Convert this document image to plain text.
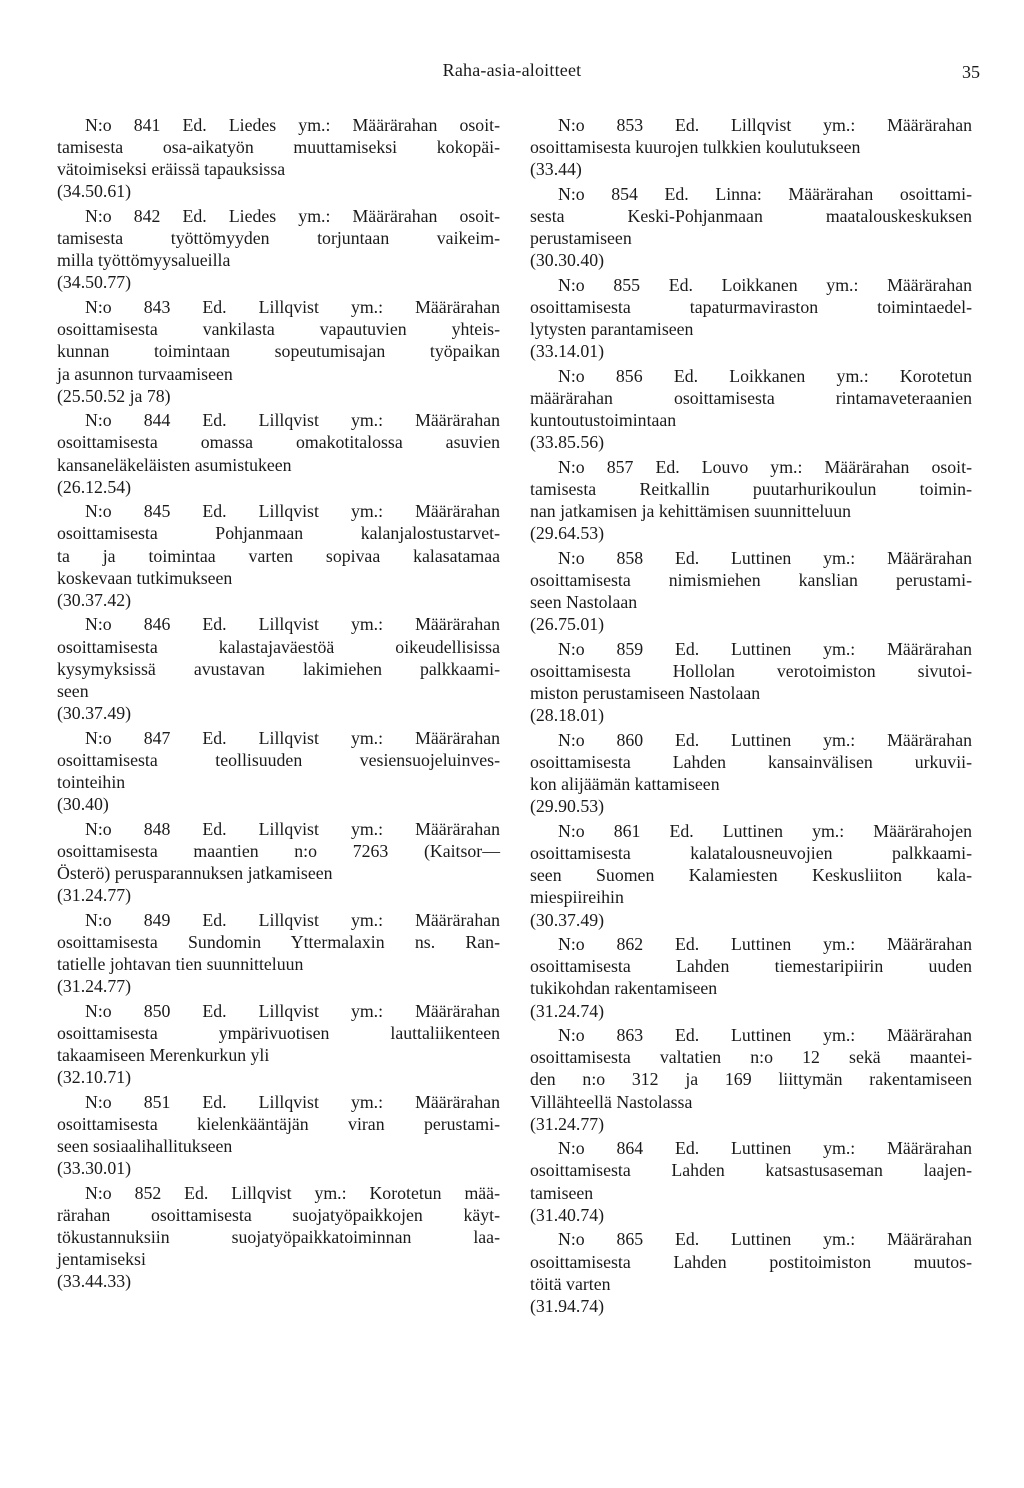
Raha-asia-aloitteet	35
N:o 841 Ed. Liedes ym.: Määrärahan osoit-
tamisesta osa-aikatyön muuttamiseksi kokopäi-
vätoimiseksi eräissä tapauksissa
(34.50.61)
N:o 842 Ed. Liedes ym.: Määrärahan osoit-
tamisesta työttömyyden torjuntaan vaikeim-
milla työttömyysalueilla
(34.50.77)
N:o 843 Ed. Lillqvist ym.: Määrärahan
osoittamisesta vankilasta vapautuvien yhteis-
kunnan toimintaan sopeutumisajan työpaikan
ja asunnon turvaamiseen
(25.50.52 ja 78)
N:o 844 Ed. Lillqvist ym.: Määrärahan
osoittamisesta omassa omakotitalossa asuvien
kansaneläkeläisten asumistukeen
(26.12.54)
N:o 845 Ed. Lillqvist ym.: Määrärahan
osoittamisesta Pohjanmaan kalanjalostustarvet-
ta ja toimintaa varten sopivaa kalasatamaa
koskevaan tutkimukseen
(30.37.42)
N:o 846 Ed. Lillqvist ym.: Määrärahan
osoittamisesta kalastajaväestöä oikeudellisissa
kysymyksissä avustavan lakimiehen palkkaami-
seen
(30.37.49)
N:o 847 Ed. Lillqvist ym.: Määrärahan
osoittamisesta teollisuuden vesiensuojeluinves-
tointeihin
(30.40)
N:o 848 Ed. Lillqvist ym.: Määrärahan
osoittamisesta maantien n:o 7263 (Kaitsor—
Österö) perusparannuksen jatkamiseen
(31.24.77)
N:o 849 Ed. Lillqvist ym.: Määrärahan
osoittamisesta Sundomin Yttermalaxin ns. Ran-
tatielle johtavan tien suunnitteluun
(31.24.77)
N:o 850 Ed. Lillqvist ym.: Määrärahan
osoittamisesta ympärivuotisen lauttaliikenteen
takaamiseen Merenkurkun yli
(32.10.71)
N:o 851 Ed. Lillqvist ym.: Määrärahan
osoittamisesta kielenkääntäjän viran perustami-
seen sosiaalihallitukseen
(33.30.01)
N:o 852 Ed. Lillqvist ym.: Korotetun mää-
rärahan osoittamisesta suojatyöpaikkojen käyt-
tökustannuksiin suojatyöpaikkatoiminnan laa-
jentamiseksi
(33.44.33)
N:o 853 Ed. Lillqvist ym.: Määrärahan
osoittamisesta kuurojen tulkkien koulutukseen
(33.44)
N:o 854 Ed. Linna: Määrärahan osoittami-
sesta Keski-Pohjanmaan maatalouskeskuksen
perustamiseen
(30.30.40)
N:o 855 Ed. Loikkanen ym.: Määrärahan
osoittamisesta tapaturmaviraston toimintaedel-
lytysten parantamiseen
(33.14.01)
N:o 856 Ed. Loikkanen ym.: Korotetun
määrärahan osoittamisesta rintamaveteraanien
kuntoutustoimintaan
(33.85.56)
N:o 857 Ed. Louvo ym.: Määrärahan osoit-
tamisesta Reitkallin puutarhurikoulun toimin-
nan jatkamisen ja kehittämisen suunnitteluun
(29.64.53)
N:o 858 Ed. Luttinen ym.: Määrärahan
osoittamisesta nimismiehen kanslian perustami-
seen Nastolaan
(26.75.01)
N:o 859 Ed. Luttinen ym.: Määrärahan
osoittamisesta Hollolan verotoimiston sivutoi-
miston perustamiseen Nastolaan
(28.18.01)
N:o 860 Ed. Luttinen ym.: Määrärahan
osoittamisesta Lahden kansainvälisen urkuvii-
kon alijäämän kattamiseen
(29.90.53)
N:o 861 Ed. Luttinen ym.: Määrärahojen
osoittamisesta kalatalousneuvojien palkkaami-
seen Suomen Kalamiesten Keskusliiton kala-
miespiireihin
(30.37.49)
N:o 862 Ed. Luttinen ym.: Määrärahan
osoittamisesta Lahden tiemestaripiirin uuden
tukikohdan rakentamiseen
(31.24.74)
N:o 863 Ed. Luttinen ym.: Määrärahan
osoittamisesta valtatien n:o 12 sekä maantei-
den n:o 312 ja 169 liittymän rakentamiseen
Villähteellä Nastolassa
(31.24.77)
N:o 864 Ed. Luttinen ym.: Määrärahan
osoittamisesta Lahden katsastusaseman laajen-
tamiseen
(31.40.74)
N:o 865 Ed. Luttinen ym.: Määrärahan
osoittamisesta Lahden postitoimiston muutos-
töitä varten
(31.94.74)
